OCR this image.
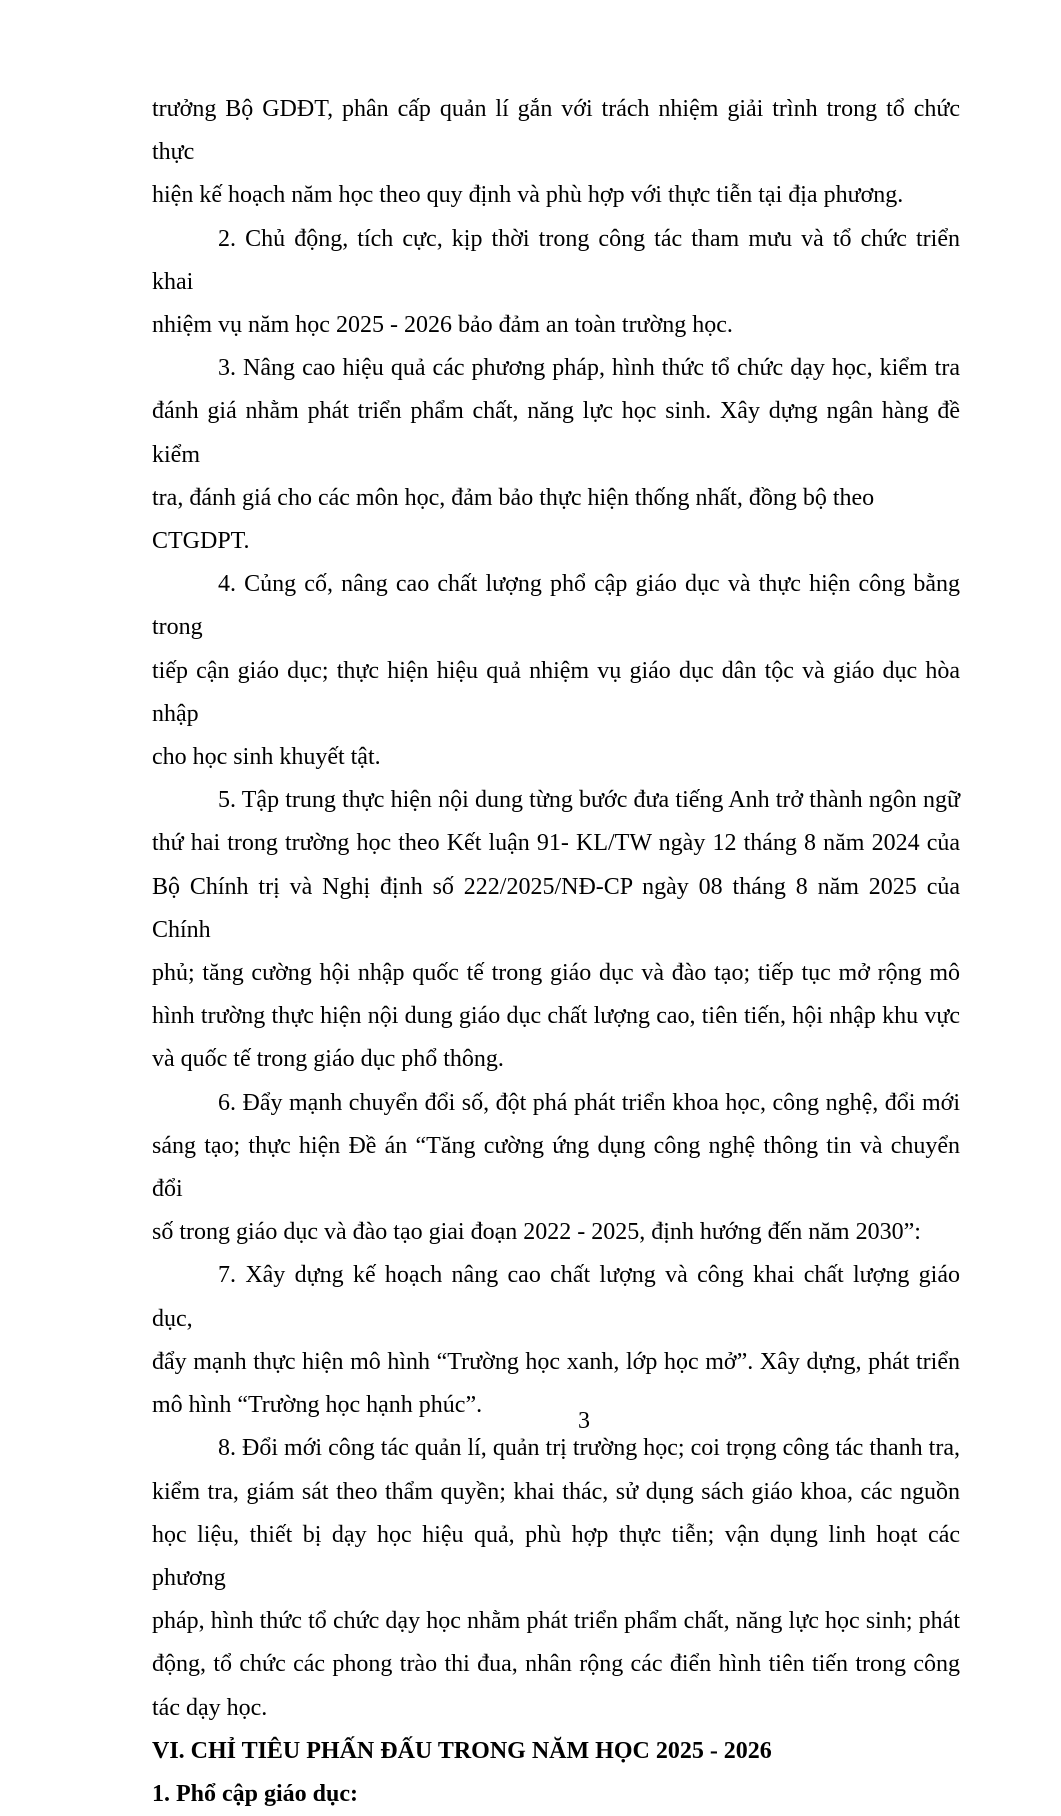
trưởng Bộ GDĐT, phân cấp quản lí gắn với trách nhiệm giải trình trong tổ chức thực
hiện kế hoạch năm học theo quy định và phù hợp với thực tiễn tại địa phương.
2. Chủ động, tích cực, kịp thời trong công tác tham mưu và tổ chức triển khai
nhiệm vụ năm học 2025 - 2026 bảo đảm an toàn trường học.
3. Nâng cao hiệu quả các phương pháp, hình thức tổ chức dạy học, kiểm tra
đánh giá nhằm phát triển phẩm chất, năng lực học sinh. Xây dựng ngân hàng đề kiểm
tra, đánh giá cho các môn học, đảm bảo thực hiện thống nhất, đồng bộ theo CTGDPT.
4. Củng cố, nâng cao chất lượng phổ cập giáo dục và thực hiện công bằng trong
tiếp cận giáo dục; thực hiện hiệu quả nhiệm vụ giáo dục dân tộc và giáo dục hòa nhập
cho học sinh khuyết tật.
5. Tập trung thực hiện nội dung từng bước đưa tiếng Anh trở thành ngôn ngữ
thứ hai trong trường học theo Kết luận 91- KL/TW ngày 12 tháng 8 năm 2024 của
Bộ Chính trị và Nghị định số 222/2025/NĐ-CP ngày 08 tháng 8 năm 2025 của Chính
phủ; tăng cường hội nhập quốc tế trong giáo dục và đào tạo; tiếp tục mở rộng mô
hình trường thực hiện nội dung giáo dục chất lượng cao, tiên tiến, hội nhập khu vực
và quốc tế trong giáo dục phổ thông.
6. Đẩy mạnh chuyển đổi số, đột phá phát triển khoa học, công nghệ, đổi mới
sáng tạo; thực hiện Đề án “Tăng cường ứng dụng công nghệ thông tin và chuyển đổi
số trong giáo dục và đào tạo giai đoạn 2022 - 2025, định hướng đến năm 2030”:
7. Xây dựng kế hoạch nâng cao chất lượng và công khai chất lượng giáo dục,
đẩy mạnh thực hiện mô hình “Trường học xanh, lớp học mở”. Xây dựng, phát triển
mô hình “Trường học hạnh phúc”.
8. Đổi mới công tác quản lí, quản trị trường học; coi trọng công tác thanh tra,
kiểm tra, giám sát theo thẩm quyền; khai thác, sử dụng sách giáo khoa, các nguồn
học liệu, thiết bị dạy học hiệu quả, phù hợp thực tiễn; vận dụng linh hoạt các phương
pháp, hình thức tổ chức dạy học nhằm phát triển phẩm chất, năng lực học sinh; phát
động, tổ chức các phong trào thi đua, nhân rộng các điển hình tiên tiến trong công
tác dạy học.
VI. CHỈ TIÊU PHẤN ĐẤU TRONG NĂM HỌC 2025 - 2026
1. Phổ cập giáo dục:
3
